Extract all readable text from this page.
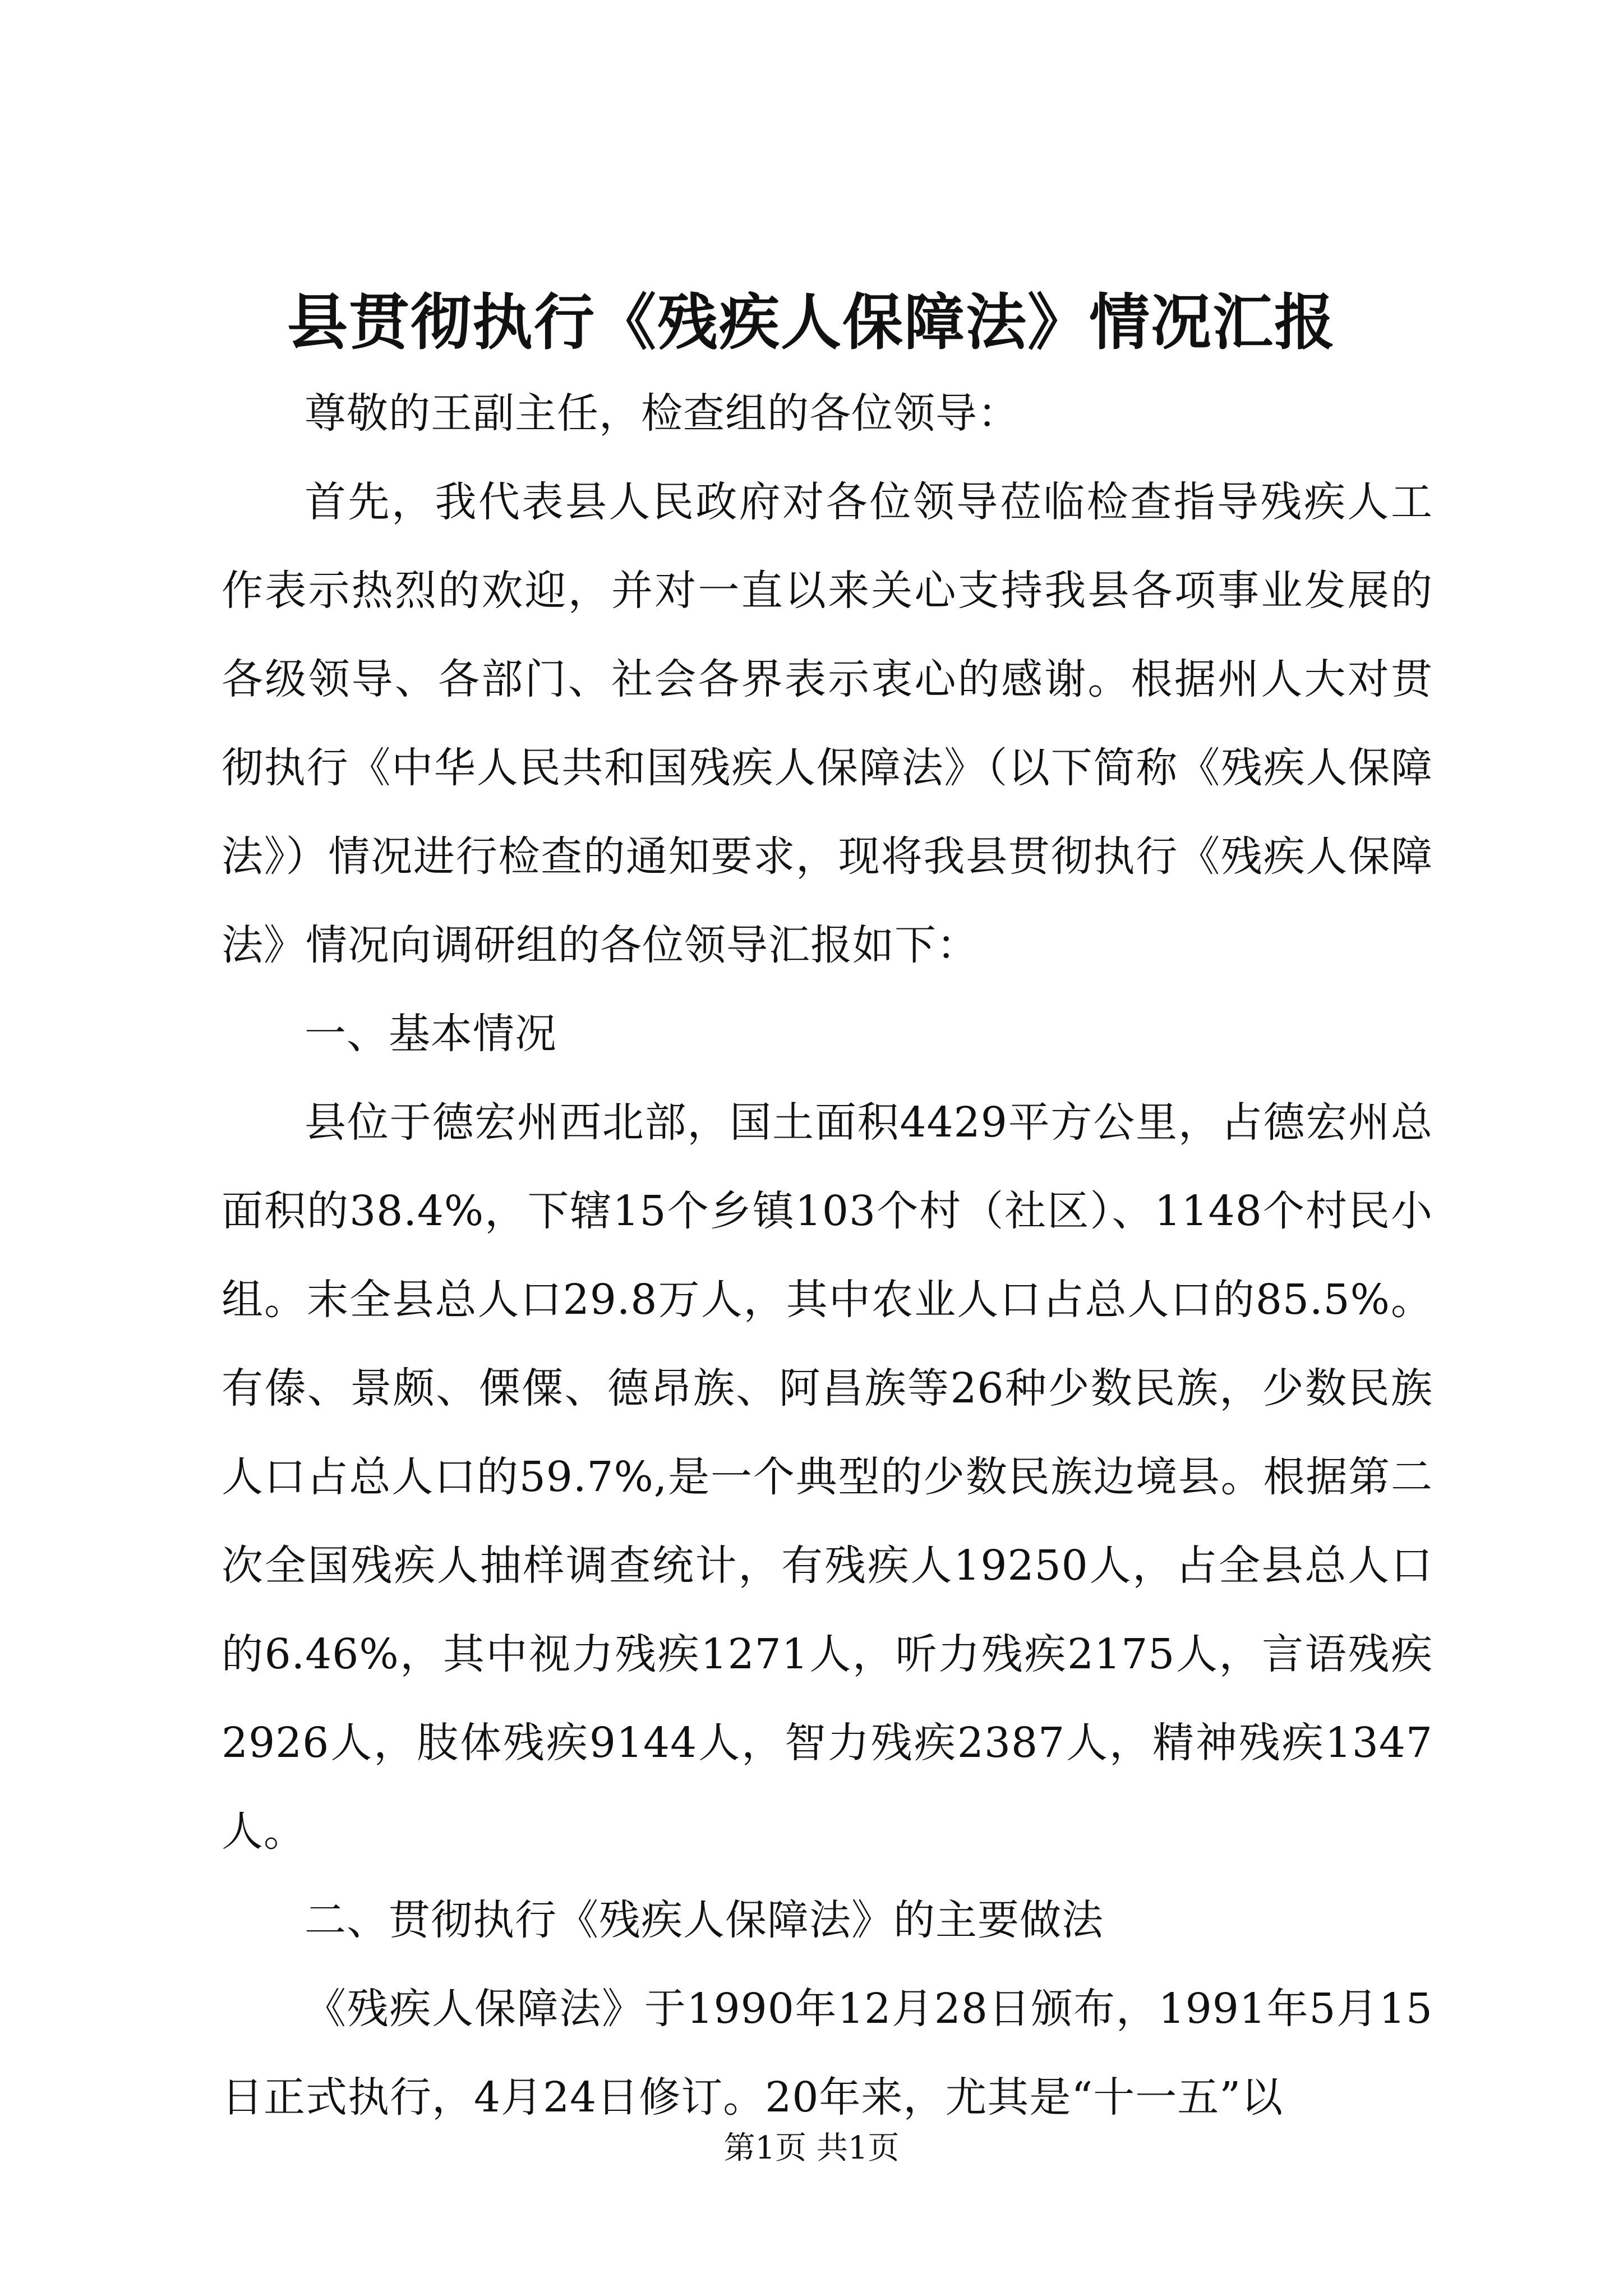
县贯彻执行《残疾人保障法》情况汇报

尊敬的王副主任，检查组的各位领导：

首先，我代表县人民政府对各位领导莅临检查指导残疾人工作表示热烈的欢迎，并对一直以来关心支持我县各项事业发展的各级领导、各部门、社会各界表示衷心的感谢。根据州人大对贯彻执行《中华人民共和国残疾人保障法》（以下简称《残疾人保障法》）情况进行检查的通知要求，现将我县贯彻执行《残疾人保障法》情况向调研组的各位领导汇报如下：

一、基本情况

县位于德宏州西北部，国土面积4429平方公里，占德宏州总面积的38.4%，下辖15个乡镇103个村（社区）、1148个村民小组。末全县总人口29.8万人，其中农业人口占总人口的85.5%。有傣、景颇、傈僳、德昂族、阿昌族等26种少数民族，少数民族人口占总人口的59.7%,是一个典型的少数民族边境县。根据第二次全国残疾人抽样调查统计，有残疾人19250人，占全县总人口的6.46%，其中视力残疾1271人，听力残疾2175人，言语残疾2926人，肢体残疾9144人，智力残疾2387人，精神残疾1347人。

二、贯彻执行《残疾人保障法》的主要做法

《残疾人保障法》于1990年12月28日颁布，1991年5月15日正式执行，4月24日修订。20年来，尤其是“十一五”以

第1页 共1页
